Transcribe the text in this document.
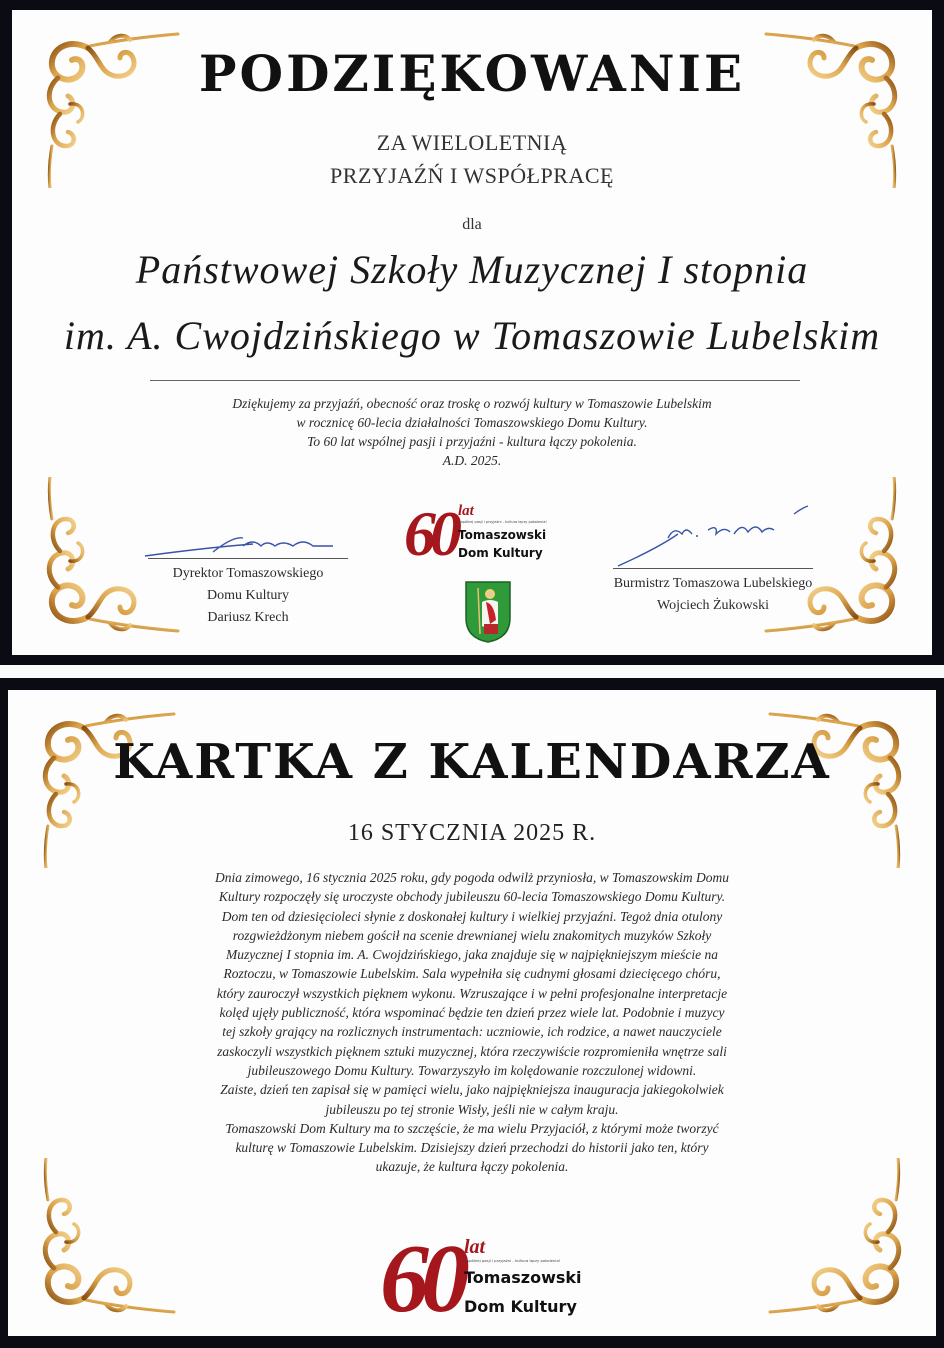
PODZIĘKOWANIE
ZA WIELOLETNIĄ
PRZYJAŹŃ I WSPÓŁPRACĘ
dla
Państwowej Szkoły Muzycznej I stopnia
im. A. Cwojdzińskiego w Tomaszowie Lubelskim
Dziękujemy za przyjaźń, obecność oraz troskę o rozwój kultury w Tomaszowie Lubelskim
w rocznicę 60-lecia działalności Tomaszowskiego Domu Kultury.
To 60 lat wspólnej pasji i przyjaźni - kultura łączy pokolenia.
A.D. 2025.
Dyrektor Tomaszowskiego
Domu Kultury
Dariusz Krech
Burmistrz Tomaszowa Lubelskiego
Wojciech Żukowski
60 lat
wspólnej pasji i przyjaźni - kultura łączy pokolenia!
Tomaszowski
Dom Kultury
KARTKA Z KALENDARZA
16 STYCZNIA 2025 R.
Dnia zimowego, 16 stycznia 2025 roku, gdy pogoda odwilż przyniosła, w Tomaszowskim Domu
Kultury rozpoczęły się uroczyste obchody jubileuszu 60-lecia Tomaszowskiego Domu Kultury.
Dom ten od dziesięcioleci słynie z doskonałej kultury i wielkiej przyjaźni. Tegoż dnia otulony
rozgwieżdżonym niebem gościł na scenie drewnianej wielu znakomitych muzyków Szkoły
Muzycznej I stopnia im. A. Cwojdzińskiego, jaka znajduje się w najpiękniejszym mieście na
Roztoczu, w Tomaszowie Lubelskim. Sala wypełniła się cudnymi głosami dziecięcego chóru,
który zauroczył wszystkich pięknem wykonu. Wzruszające i w pełni profesjonalne interpretacje
kolęd ujęły publiczność, która wspominać będzie ten dzień przez wiele lat. Podobnie i muzycy
tej szkoły grający na rozlicznych instrumentach: uczniowie, ich rodzice, a nawet nauczyciele
zaskoczyli wszystkich pięknem sztuki muzycznej, która rzeczywiście rozpromieniła wnętrze sali
jubileuszowego Domu Kultury. Towarzyszyło im kolędowanie rozczulonej widowni.
Zaiste, dzień ten zapisał się w pamięci wielu, jako najpiękniejsza inauguracja jakiegokolwiek
jubileuszu po tej stronie Wisły, jeśli nie w całym kraju.
Tomaszowski Dom Kultury ma to szczęście, że ma wielu Przyjaciół, z którymi może tworzyć
kulturę w Tomaszowie Lubelskim. Dzisiejszy dzień przechodzi do historii jako ten, który
ukazuje, że kultura łączy pokolenia.
60 lat
wspólnej pasji i przyjaźni - kultura łączy pokolenia!
Tomaszowski
Dom Kultury
